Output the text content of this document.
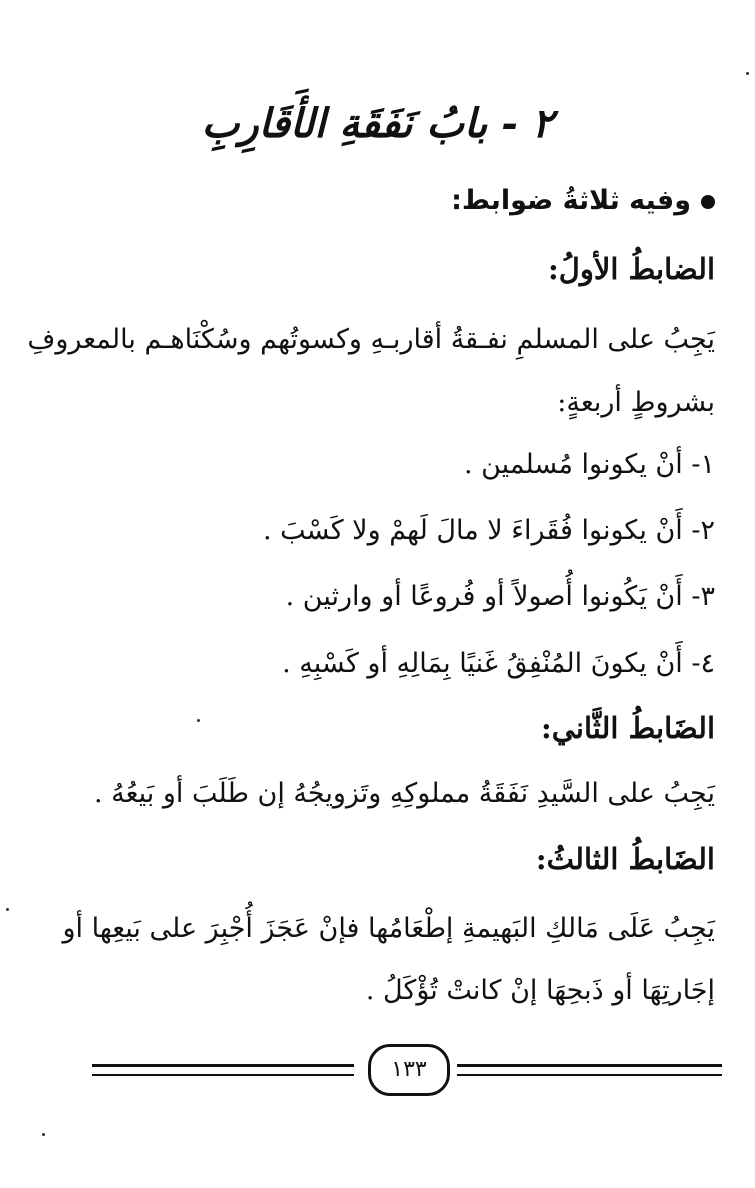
٢ - بابُ نَفَقَةِ الأَقَارِبِ
وفيه ثلاثةُ ضوابط:
الضابطُ الأولُ:
يَجِبُ على المسلمِ نفـقةُ أقاربـهِ وكسوتُهم وسُكْنَاهـم بالمعروفِ
بشروطٍ أربعةٍ:
١- أنْ يكونوا مُسلمين .
٢- أَنْ يكونوا فُقَراءَ لا مالَ لَهمْ ولا كَسْبَ .
٣- أَنْ يَكُونوا أُصولاً أو فُروعًا أو وارثين .
٤- أَنْ يكونَ المُنْفِقُ غَنيًا بِمَالِهِ أو كَسْبِهِ .
الضَابطُ الثَّاني:
يَجِبُ على السَّيدِ نَفَقَةُ مملوكِهِ وتَزويجُهُ إن طَلَبَ أو بَيعُهُ .
الضَابطُ الثالثُ:
يَجِبُ عَلَى مَالكِ البَهيمةِ إطْعَامُها فإنْ عَجَزَ أُجْبِرَ على بَيعِها أو
إجَارتِهَا أو ذَبحِهَا إنْ كانتْ تُؤْكَلُ .
١٣٣
